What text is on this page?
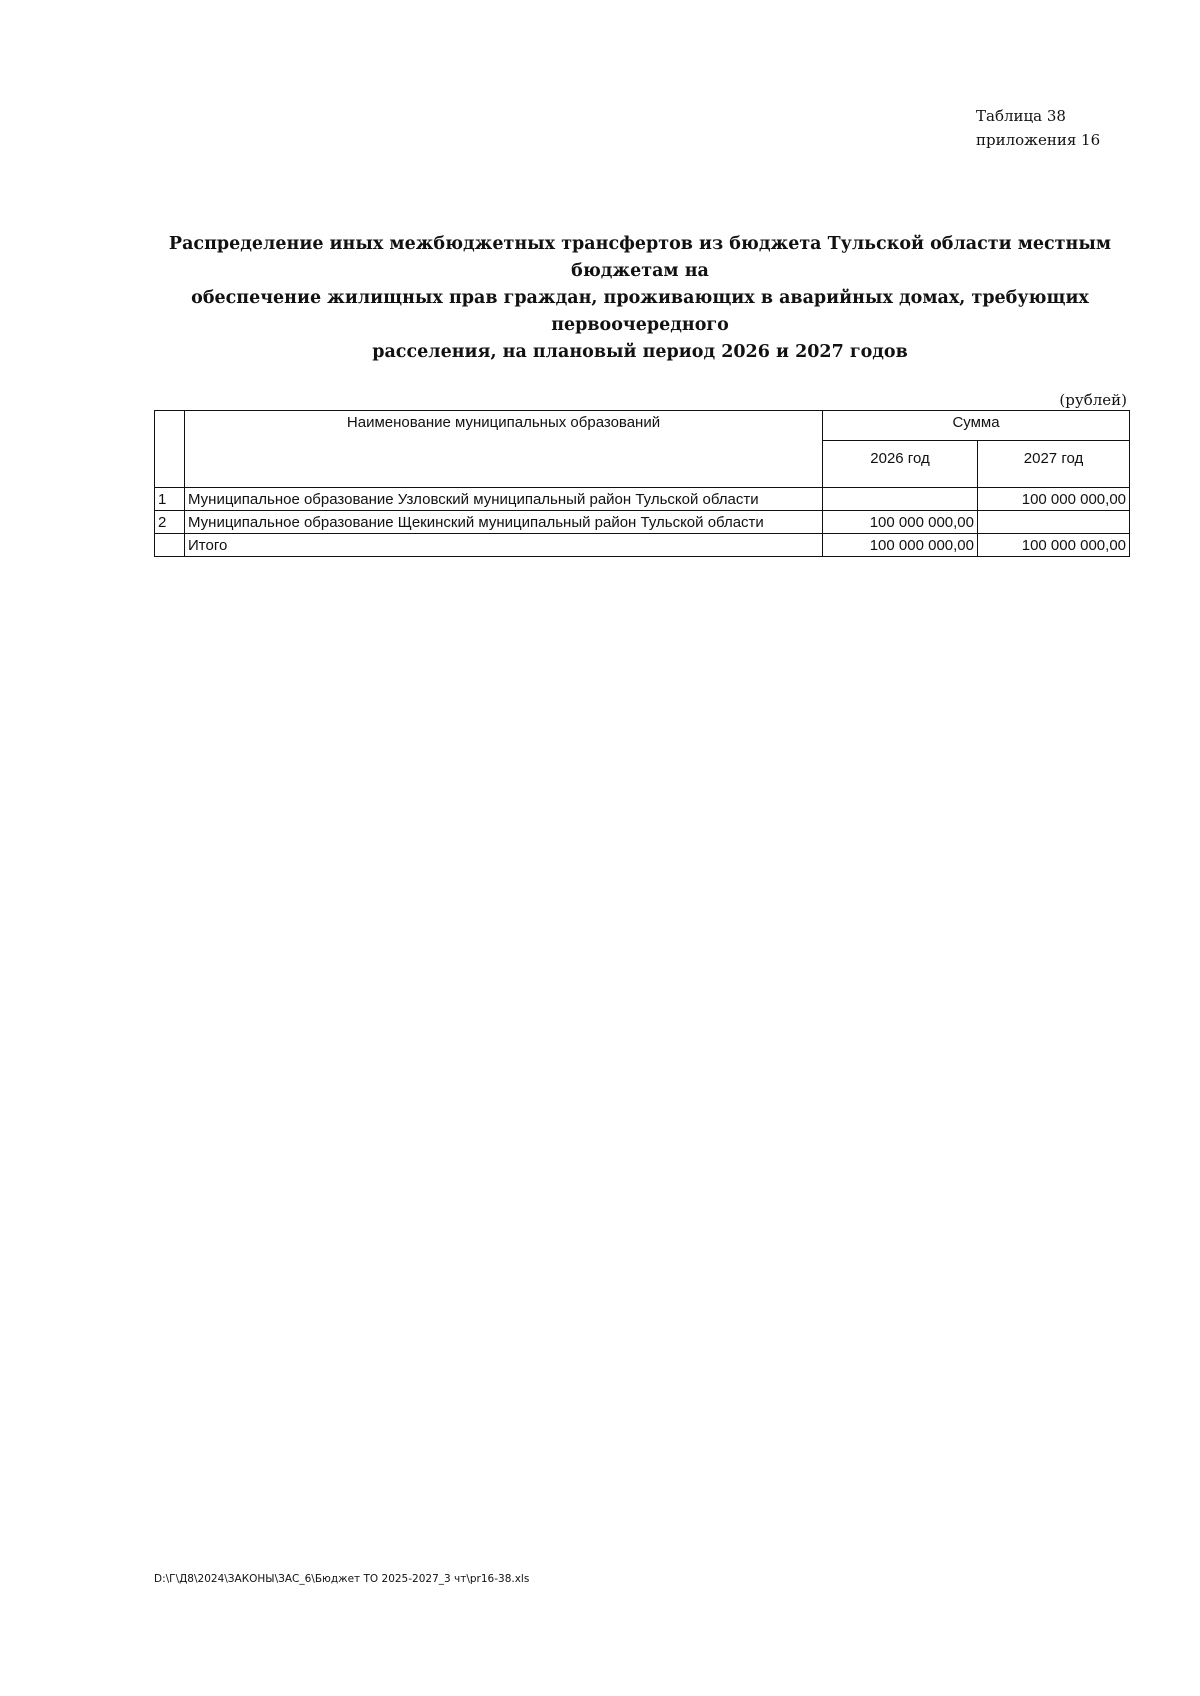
Таблица 38
приложения 16
Распределение иных межбюджетных трансфертов из бюджета Тульской области местным бюджетам на
обеспечение жилищных прав граждан, проживающих в аварийных домах, требующих первоочередного
расселения, на плановый период 2026 и 2027 годов
(рублей)
	Наименование муниципальных образований	Сумма	
		2026 год	2027 год
1	Муниципальное образование Узловский муниципальный район Тульской области		100 000 000,00
2	Муниципальное образование Щекинский муниципальный район Тульской области	100 000 000,00	
	Итого	100 000 000,00	100 000 000,00
D:\Г\Д8\2024\ЗАКОНЫ\ЗАС_6\Бюджет ТО 2025-2027_3 чт\pr16-38.xls
